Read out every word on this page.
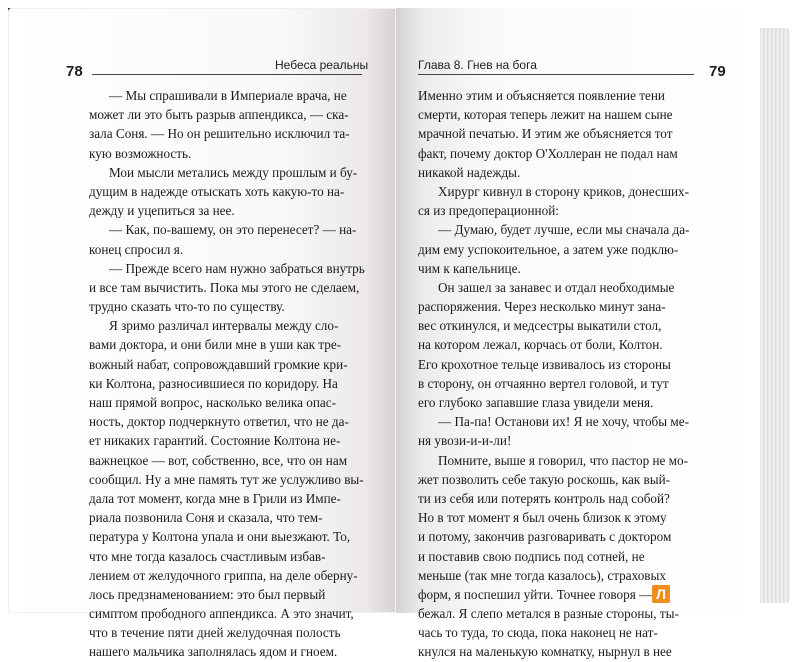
78	Небеса реальны	Глава 8. Гнев на бога	79
— Мы спрашивали в Империале врача, не
может ли это быть разрыв аппендикса, — ска-
зала Соня. — Но он решительно исключил та-
кую возможность.
Мои мысли метались между прошлым и бу-
дущим в надежде отыскать хоть какую-то на-
дежду и уцепиться за нее.
— Как, по-вашему, он это перенесет? — на-
конец спросил я.
— Прежде всего нам нужно забраться внутрь
и все там вычистить. Пока мы этого не сделаем,
трудно сказать что-то по существу.
Я зримо различал интервалы между сло-
вами доктора, и они били мне в уши как тре-
вожный набат, сопровождавший громкие кри-
ки Колтона, разносившиеся по коридору. На
наш прямой вопрос, насколько велика опас-
ность, доктор подчеркнуто ответил, что не да-
ет никаких гарантий. Состояние Колтона не-
важнецкое — вот, собственно, все, что он нам
сообщил. Ну а мне память тут же услужливо вы-
дала тот момент, когда мне в Грили из Импе-
риала позвонила Соня и сказала, что тем-
пература у Колтона упала и они выезжают. То,
что мне тогда казалось счастливым избав-
лением от желудочного гриппа, на деле оберну-
лось предзнаменованием: это был первый
симптом прободного аппендикса. А это значит,
что в течение пяти дней желудочная полость
нашего мальчика заполнялась ядом и гноем.
Именно этим и объясняется появление тени
смерти, которая теперь лежит на нашем сыне
мрачной печатью. И этим же объясняется тот
факт, почему доктор О'Холлеран не подал нам
никакой надежды.
Хирург кивнул в сторону криков, донесших-
ся из предоперационной:
— Думаю, будет лучше, если мы сначала да-
дим ему успокоительное, а затем уже подклю-
чим к капельнице.
Он зашел за занавес и отдал необходимые
распоряжения. Через несколько минут зана-
вес откинулся, и медсестры выкатили стол,
на котором лежал, корчась от боли, Колтон.
Его крохотное тельце извивалось из стороны
в сторону, он отчаянно вертел головой, и тут
его глубоко запавшие глаза увидели меня.
— Па-па! Останови их! Я не хочу, чтобы ме-
ня увози-и-и-ли!
Помните, выше я говорил, что пастор не мо-
жет позволить себе такую роскошь, как вый-
ти из себя или потерять контроль над собой?
Но в тот момент я был очень близок к этому
и потому, закончив разговаривать с доктором
и поставив свою подпись под сотней, не
меньше (так мне тогда казалось), страховых
форм, я поспешил уйти. Точнее говоря —
бежал. Я слепо метался в разные стороны, ты-
чась то туда, то сюда, пока наконец не нат-
кнулся на маленькую комнатку, нырнул в нее
Л
